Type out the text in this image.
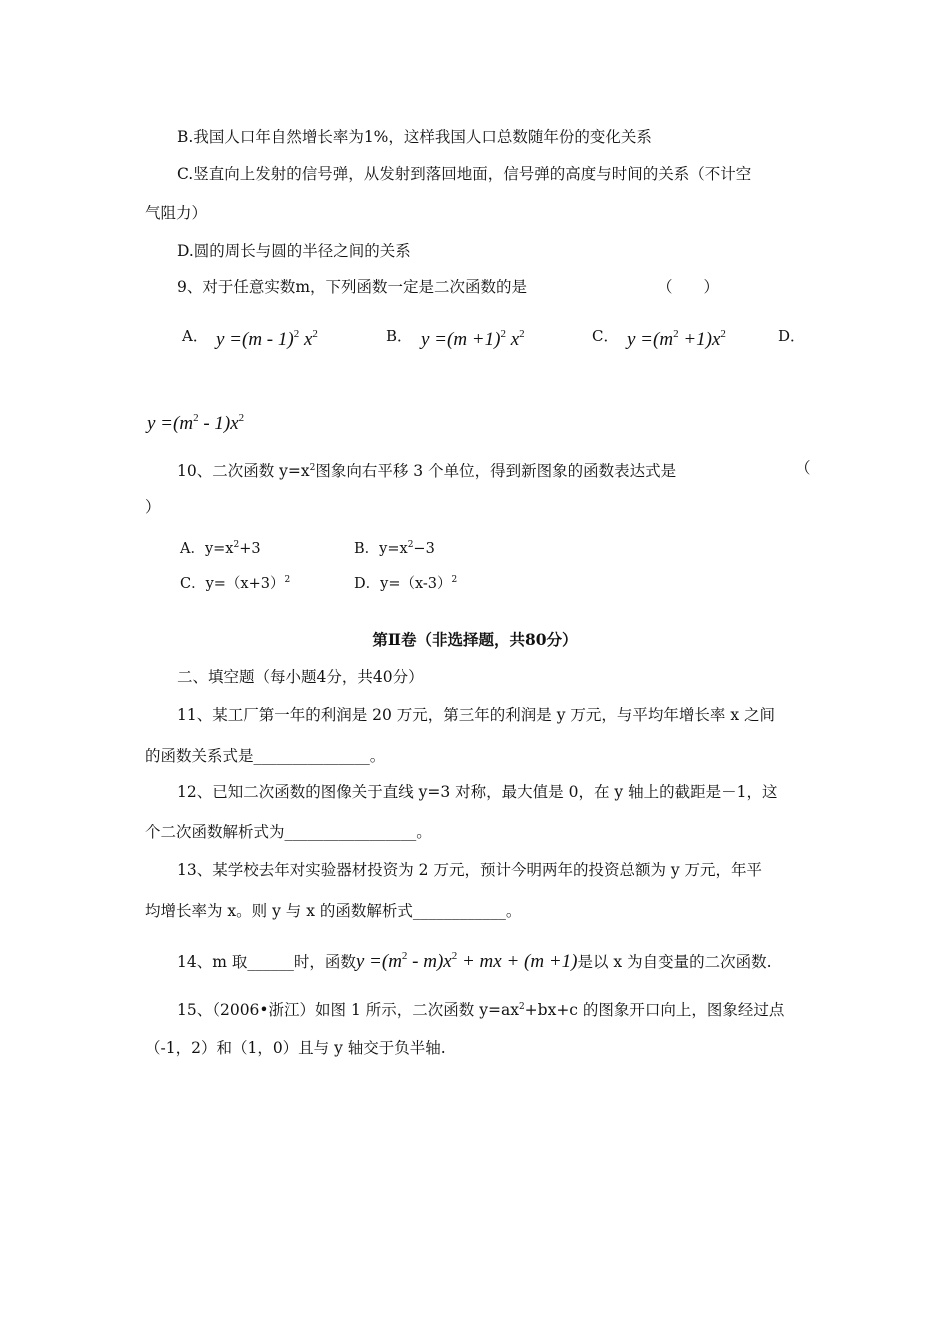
B.我国人口年自然增长率为1%，这样我国人口总数随年份的变化关系
C.竖直向上发射的信号弹，从发射到落回地面，信号弹的高度与时间的关系（不计空
气阻力）
D.圆的周长与圆的半径之间的关系
9、对于任意实数m，下列函数一定是二次函数的是	（　　）
A． y =(m - 1)$^2$ $x^2$	B． $y =(m +1)^2$ $x^2$	C． $y =(m^2 +1)x^2$	D．
$y =(m^2 - 1)x^2$
10、二次函数 $y=x^2$图象向右平移 3 个单位，得到新图象的函数表达式是	（
）
A．$y=x^2+3$	B．$y=x^2-3$
C．$y=(x+3)^2$	D．$y=(x-3)^2$
第Ⅱ卷（非选择题，共80分）
二、填空题（每小题4分，共40分）
11、某工厂第一年的利润是 20 万元，第三年的利润是 y 万元，与平均年增长率 x 之间
的函数关系式是_______________。
12、已知二次函数的图像关于直线 y=3 对称，最大值是 0，在 y 轴上的截距是－1，这
个二次函数解析式为_________________。
13、某学校去年对实验器材投资为 2 万元，预计今明两年的投资总额为 y 万元，年平
均增长率为 x。则 y 与 x 的函数解析式____________。
14、m 取______时，函数$y =(m^2 - m)x^2$ + mx + (m +1)是以 x 为自变量的二次函数.
15、（2006•浙江）如图 1 所示，二次函数 $y=ax^2+bx+c$ 的图象开口向上，图象经过点
（-1，2）和（1，0）且与 y 轴交于负半轴.
